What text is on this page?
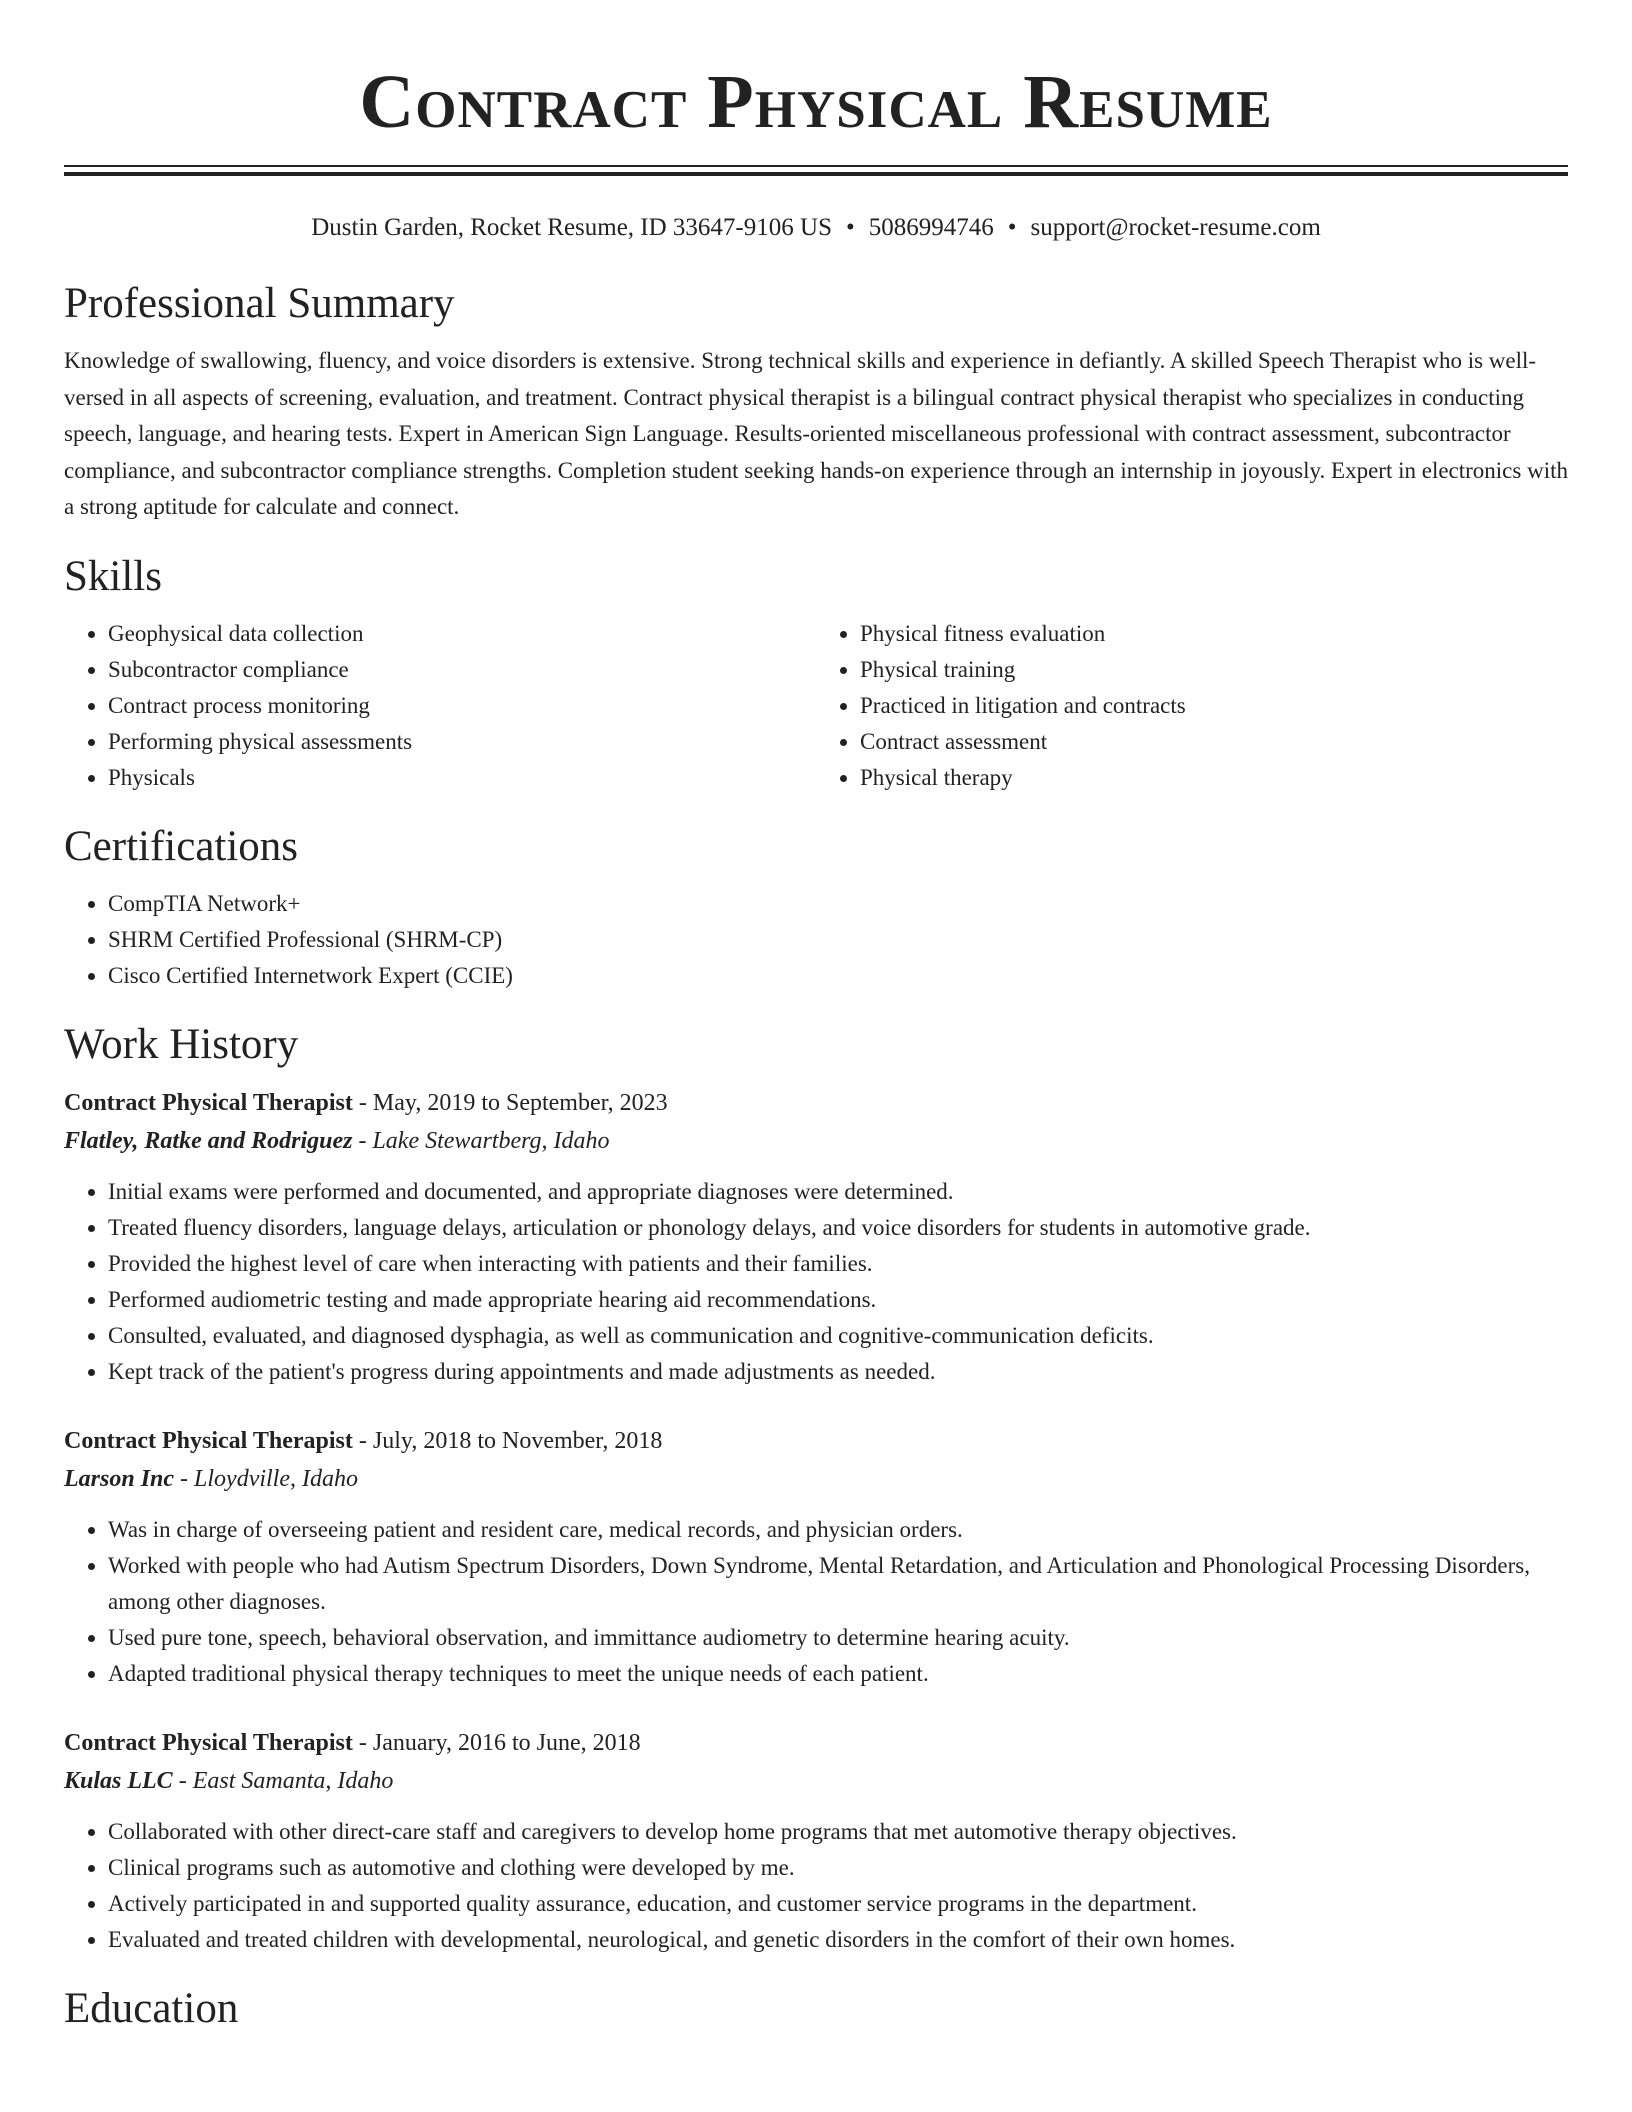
Contract Physical Resume
Dustin Garden, Rocket Resume, ID 33647-9106 US • 5086994746 • support@rocket-resume.com
Professional Summary

Knowledge of swallowing, fluency, and voice disorders is extensive. Strong technical skills and experience in defiantly. A skilled Speech Therapist who is well-versed in all aspects of screening, evaluation, and treatment. Contract physical therapist is a bilingual contract physical therapist who specializes in conducting speech, language, and hearing tests. Expert in American Sign Language. Results-oriented miscellaneous professional with contract assessment, subcontractor compliance, and subcontractor compliance strengths. Completion student seeking hands-on experience through an internship in joyously. Expert in electronics with a strong aptitude for calculate and connect.

Skills
• Geophysical data collection
• Subcontractor compliance
• Contract process monitoring
• Performing physical assessments
• Physicals
• Physical fitness evaluation
• Physical training
• Practiced in litigation and contracts
• Contract assessment
• Physical therapy
Certifications
• CompTIA Network+
• SHRM Certified Professional (SHRM-CP)
• Cisco Certified Internetwork Expert (CCIE)
Work History
Contract Physical Therapist - May, 2019 to September, 2023
Flatley, Ratke and Rodriguez - Lake Stewartberg, Idaho
• Initial exams were performed and documented, and appropriate diagnoses were determined.
• Treated fluency disorders, language delays, articulation or phonology delays, and voice disorders for students in automotive grade.
• Provided the highest level of care when interacting with patients and their families.
• Performed audiometric testing and made appropriate hearing aid recommendations.
• Consulted, evaluated, and diagnosed dysphagia, as well as communication and cognitive-communication deficits.
• Kept track of the patient's progress during appointments and made adjustments as needed.
Contract Physical Therapist - July, 2018 to November, 2018
Larson Inc - Lloydville, Idaho
• Was in charge of overseeing patient and resident care, medical records, and physician orders.
• Worked with people who had Autism Spectrum Disorders, Down Syndrome, Mental Retardation, and Articulation and Phonological Processing Disorders, among other diagnoses.
• Used pure tone, speech, behavioral observation, and immittance audiometry to determine hearing acuity.
• Adapted traditional physical therapy techniques to meet the unique needs of each patient.
Contract Physical Therapist - January, 2016 to June, 2018
Kulas LLC - East Samanta, Idaho
• Collaborated with other direct-care staff and caregivers to develop home programs that met automotive therapy objectives.
• Clinical programs such as automotive and clothing were developed by me.
• Actively participated in and supported quality assurance, education, and customer service programs in the department.
• Evaluated and treated children with developmental, neurological, and genetic disorders in the comfort of their own homes.
Education
